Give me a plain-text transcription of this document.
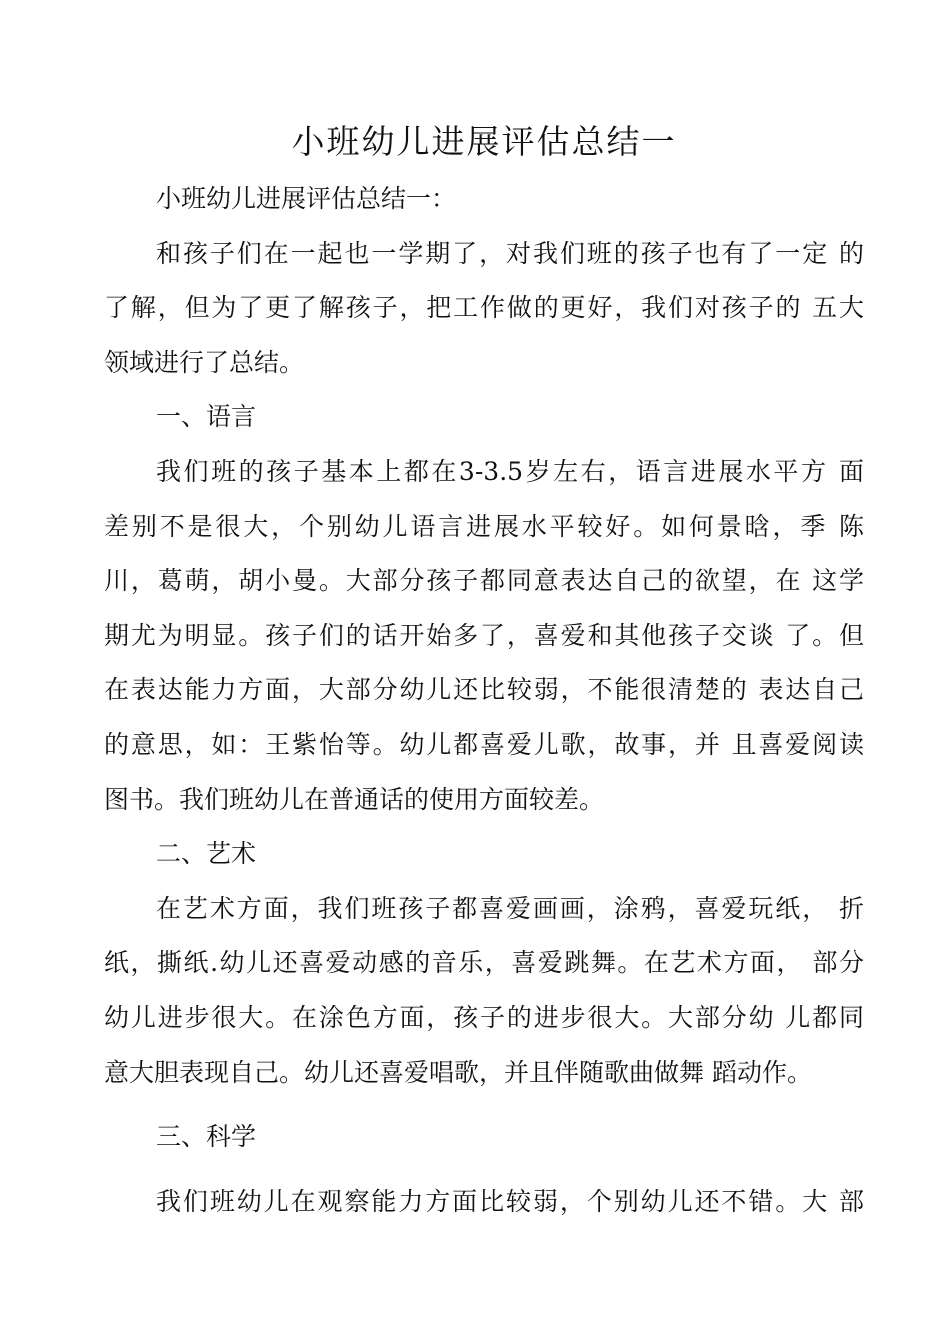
小班幼儿进展评估总结一
小班幼儿进展评估总结一：
和孩子们在一起也一学期了，对我们班的孩子也有了一定 的
了解，但为了更了解孩子，把工作做的更好，我们对孩子的 五大
领域进行了总结。
一、语言
我们班的孩子基本上都在3-3.5岁左右，语言进展水平方 面
差别不是很大，个别幼儿语言进展水平较好。如何景晗，季 陈
川，葛萌，胡小曼。大部分孩子都同意表达自己的欲望，在 这学
期尤为明显。孩子们的话开始多了，喜爱和其他孩子交谈 了。但
在表达能力方面，大部分幼儿还比较弱，不能很清楚的 表达自己
的意思，如：王紫怡等。幼儿都喜爱儿歌，故事，并 且喜爱阅读
图书。我们班幼儿在普通话的使用方面较差。
二、艺术
在艺术方面，我们班孩子都喜爱画画，涂鸦，喜爱玩纸， 折
纸，撕纸.幼儿还喜爱动感的音乐，喜爱跳舞。在艺术方面， 部分
幼儿进步很大。在涂色方面，孩子的进步很大。大部分幼 儿都同
意大胆表现自己。幼儿还喜爱唱歌，并且伴随歌曲做舞 蹈动作。
三、科学
我们班幼儿在观察能力方面比较弱，个别幼儿还不错。大 部
